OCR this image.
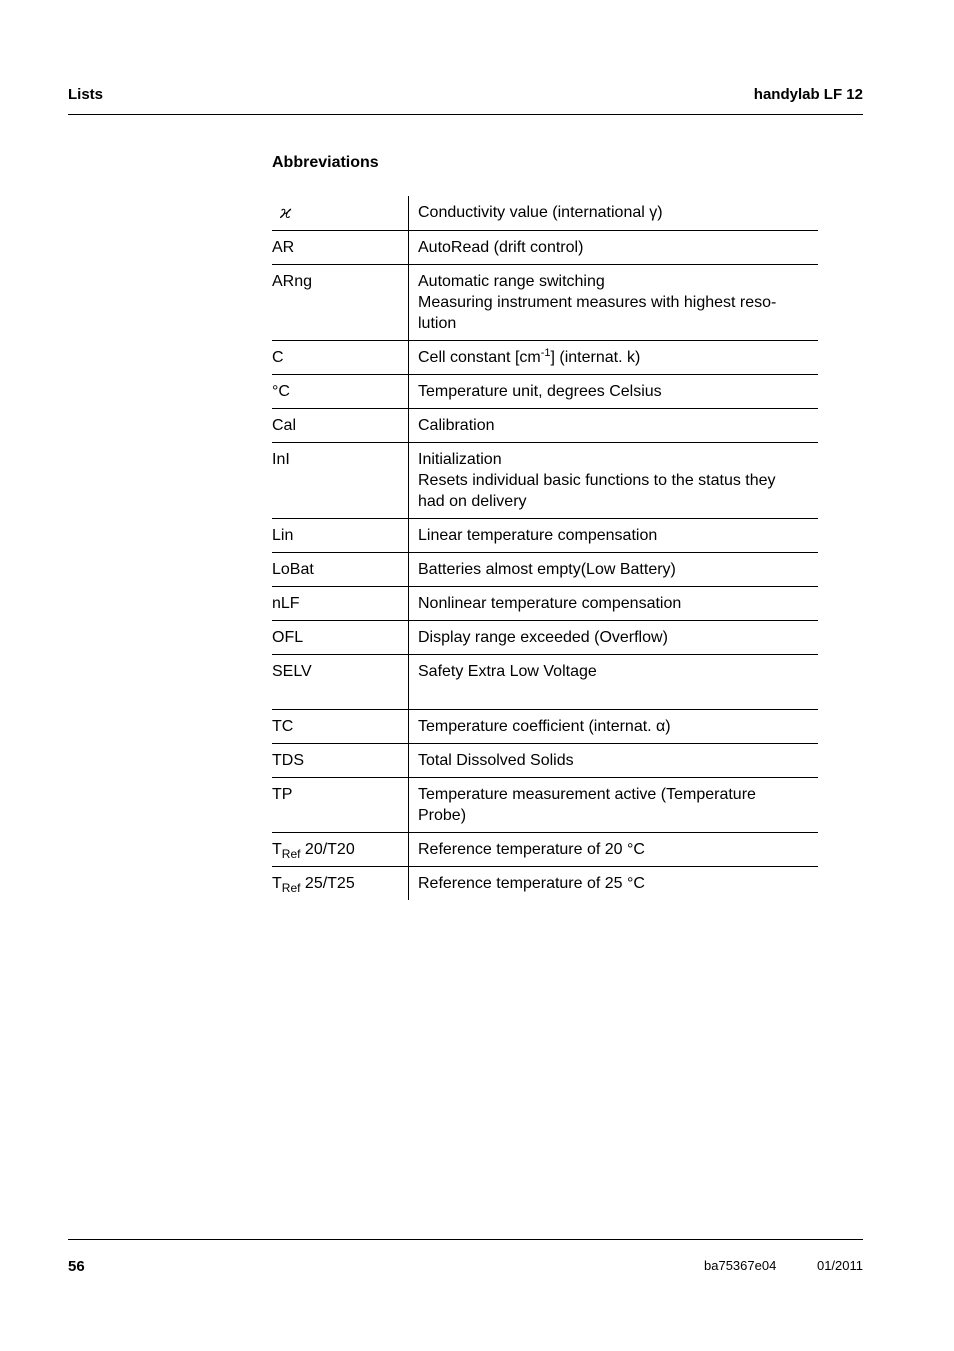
Lists	handylab LF 12
Abbreviations
ϰ	Conductivity value (international γ)
AR	AutoRead (drift control)
ARng	Automatic range switching
Measuring instrument measures with highest reso-
lution

C	Cell constant $[cm^{-1}]$ (internat. k)
°C	Temperature unit, degrees Celsius
Cal	Calibration
InI	Initialization
Resets individual basic functions to the status they
had on delivery

Lin	Linear temperature compensation
LoBat	Batteries almost empty(Low Battery)
nLF	Nonlinear temperature compensation
OFL	Display range exceeded (Overflow)
SELV	Safety Extra Low Voltage
TC	Temperature coefficient (internat. α)
TDS	Total Dissolved Solids
TP	Temperature measurement active (Temperature
Probe)

$T_{Ref}$ 20/T20	Reference temperature of 20 °C
$T_{Ref}$ 25/T25	Reference temperature of 25 °C
56	ba75367e04	01/2011
